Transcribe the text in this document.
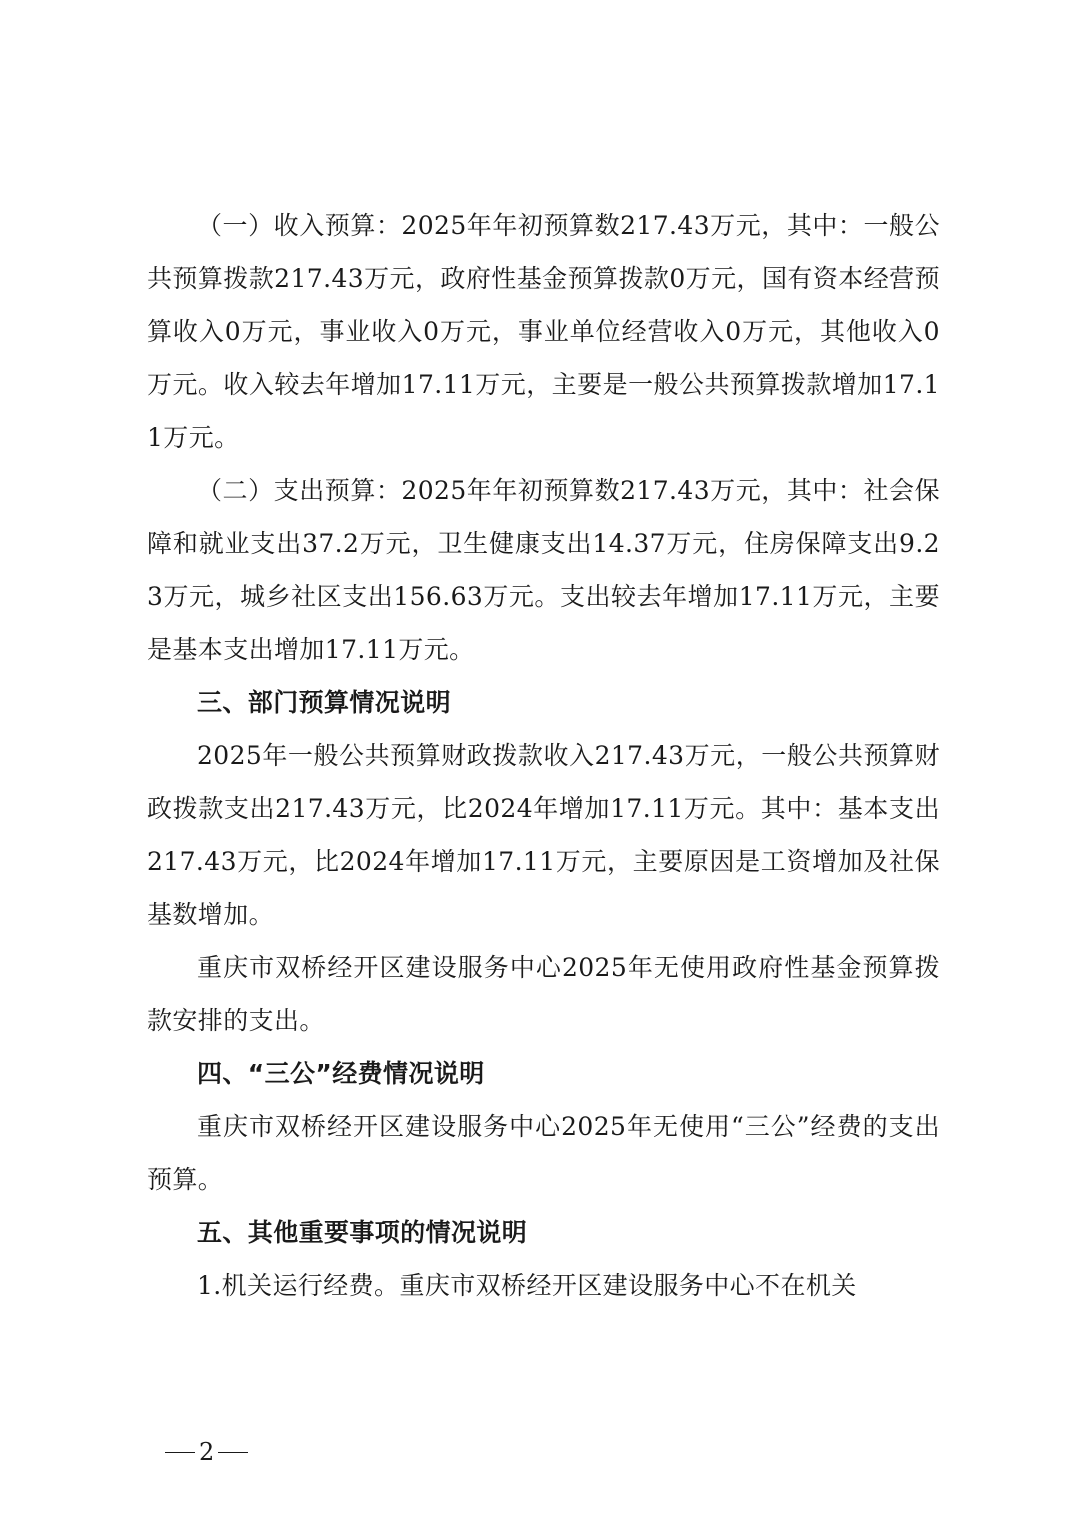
（一）收入预算：2025年年初预算数217.43万元，其中：一般公共预算拨款217.43万元，政府性基金预算拨款0万元，国有资本经营预算收入0万元，事业收入0万元，事业单位经营收入0万元，其他收入0万元。收入较去年增加17.11万元，主要是一般公共预算拨款增加17.11万元。

（二）支出预算：2025年年初预算数217.43万元，其中：社会保障和就业支出37.2万元，卫生健康支出14.37万元，住房保障支出9.23万元，城乡社区支出156.63万元。支出较去年增加17.11万元，主要是基本支出增加17.11万元。

三、部门预算情况说明

2025年一般公共预算财政拨款收入217.43万元，一般公共预算财政拨款支出217.43万元，比2024年增加17.11万元。其中：基本支出217.43万元，比2024年增加17.11万元，主要原因是工资增加及社保基数增加。

重庆市双桥经开区建设服务中心2025年无使用政府性基金预算拨款安排的支出。

四、“三公”经费情况说明

重庆市双桥经开区建设服务中心2025年无使用“三公”经费的支出预算。

五、其他重要事项的情况说明

1.机关运行经费。重庆市双桥经开区建设服务中心不在机关

2
